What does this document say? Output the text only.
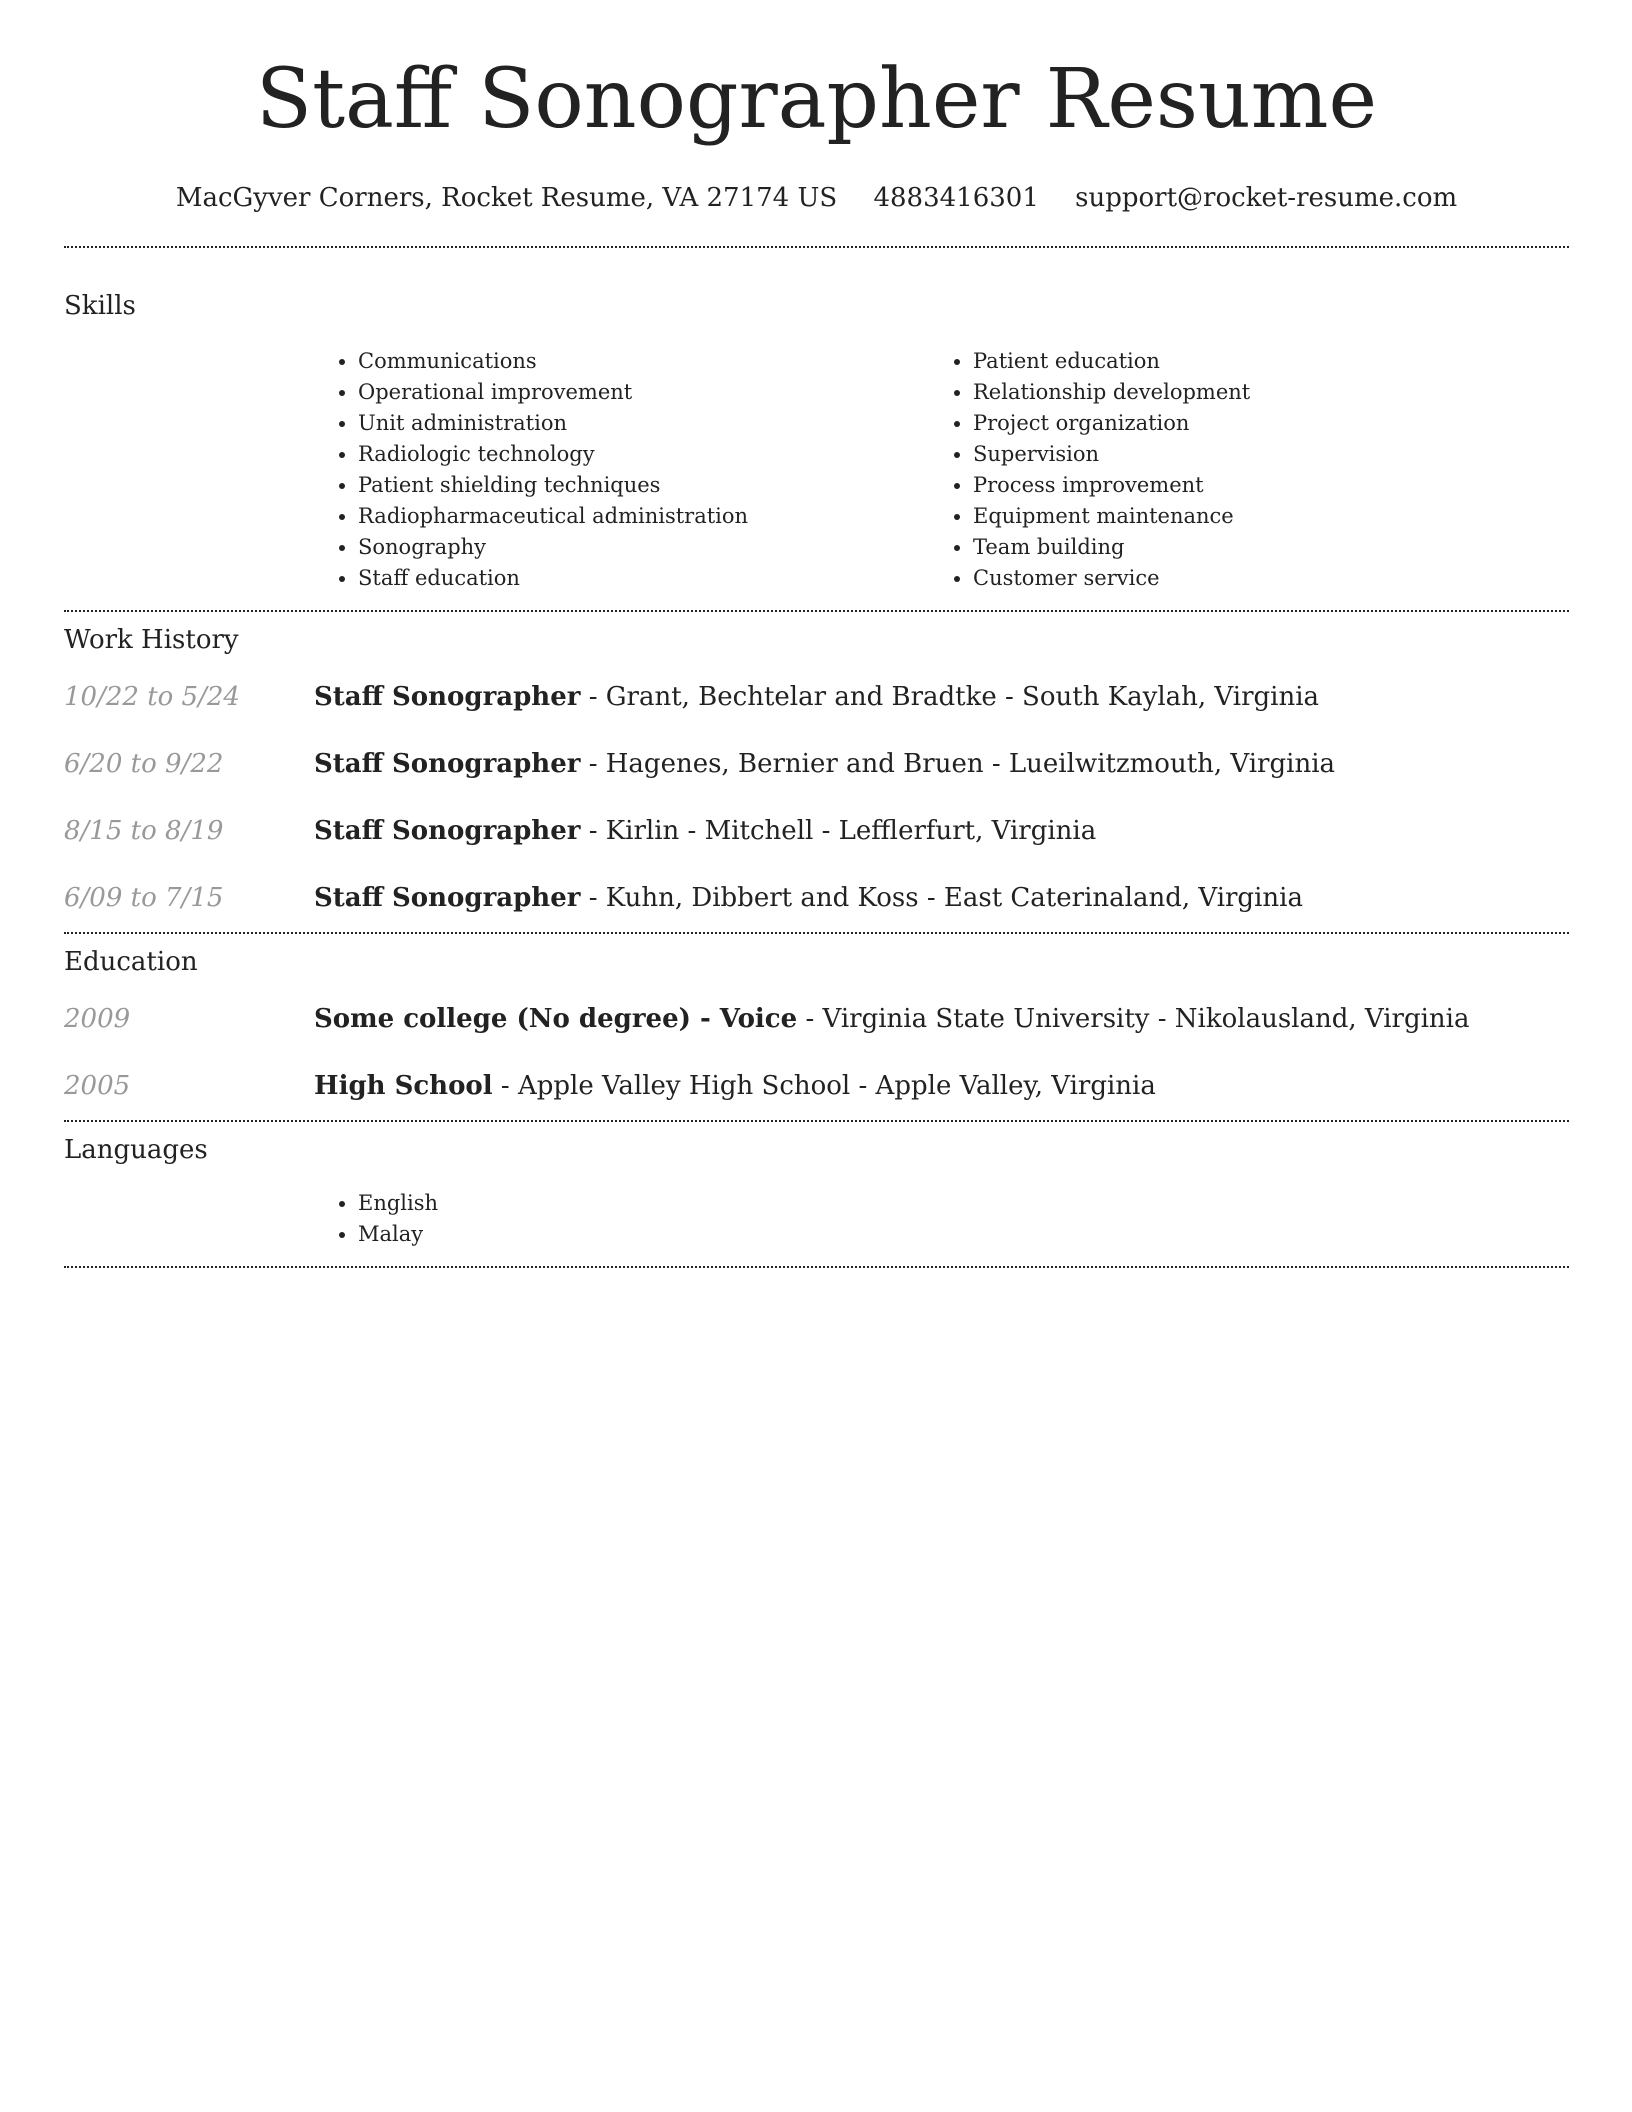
Staff Sonographer Resume
MacGyver Corners, Rocket Resume, VA 27174 US 4883416301 support@rocket-resume.com
Skills
• Communications
• Operational improvement
• Unit administration
• Radiologic technology
• Patient shielding techniques
• Radiopharmaceutical administration
• Sonography
• Staff education
• Patient education
• Relationship development
• Project organization
• Supervision
• Process improvement
• Equipment maintenance
• Team building
• Customer service
Work History
10/22 to 5/24	Staff Sonographer - Grant, Bechtelar and Bradtke - South Kaylah, Virginia
6/20 to 9/22	Staff Sonographer - Hagenes, Bernier and Bruen - Lueilwitzmouth, Virginia
8/15 to 8/19	Staff Sonographer - Kirlin - Mitchell - Lefflerfurt, Virginia
6/09 to 7/15	Staff Sonographer - Kuhn, Dibbert and Koss - East Caterinaland, Virginia
Education
2009	Some college (No degree) - Voice - Virginia State University - Nikolausland, Virginia
2005	High School - Apple Valley High School - Apple Valley, Virginia
Languages
• English
• Malay
